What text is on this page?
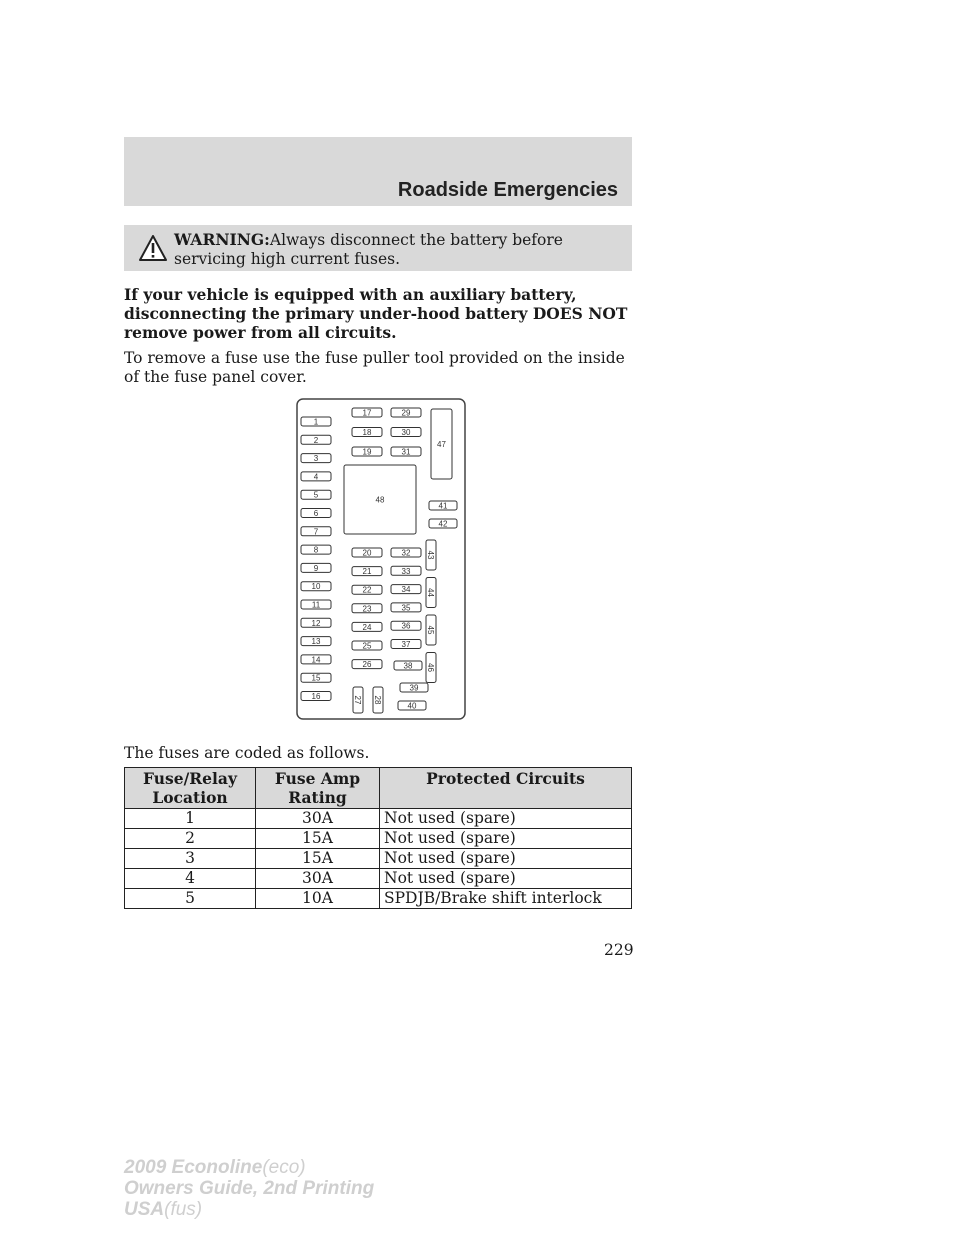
Roadside Emergencies
WARNING:Always disconnect the battery before servicing high current fuses.
If your vehicle is equipped with an auxiliary battery, disconnecting the primary under-hood battery DOES NOT remove power from all circuits.
To remove a fuse use the fuse puller tool provided on the inside of the fuse panel cover.
1
2
3
4
5
6
7
8
9
10
11
12
13
14
15
16
17	29
18	30
19	31
48
47
41
42
20
21
22
23
24
25
26
32
33
34
35
36
37
38
43
44
45
46
27 28
39
40
The fuses are coded as follows.
Fuse/Relay Location	Fuse Amp Rating	Protected Circuits
1	30A	Not used (spare)
2	15A	Not used (spare)
3	15A	Not used (spare)
4	30A	Not used (spare)
5	10A	SPDJB/Brake shift interlock
229
2009 Econoline(eco)
Owners Guide, 2nd Printing
USA(fus)
